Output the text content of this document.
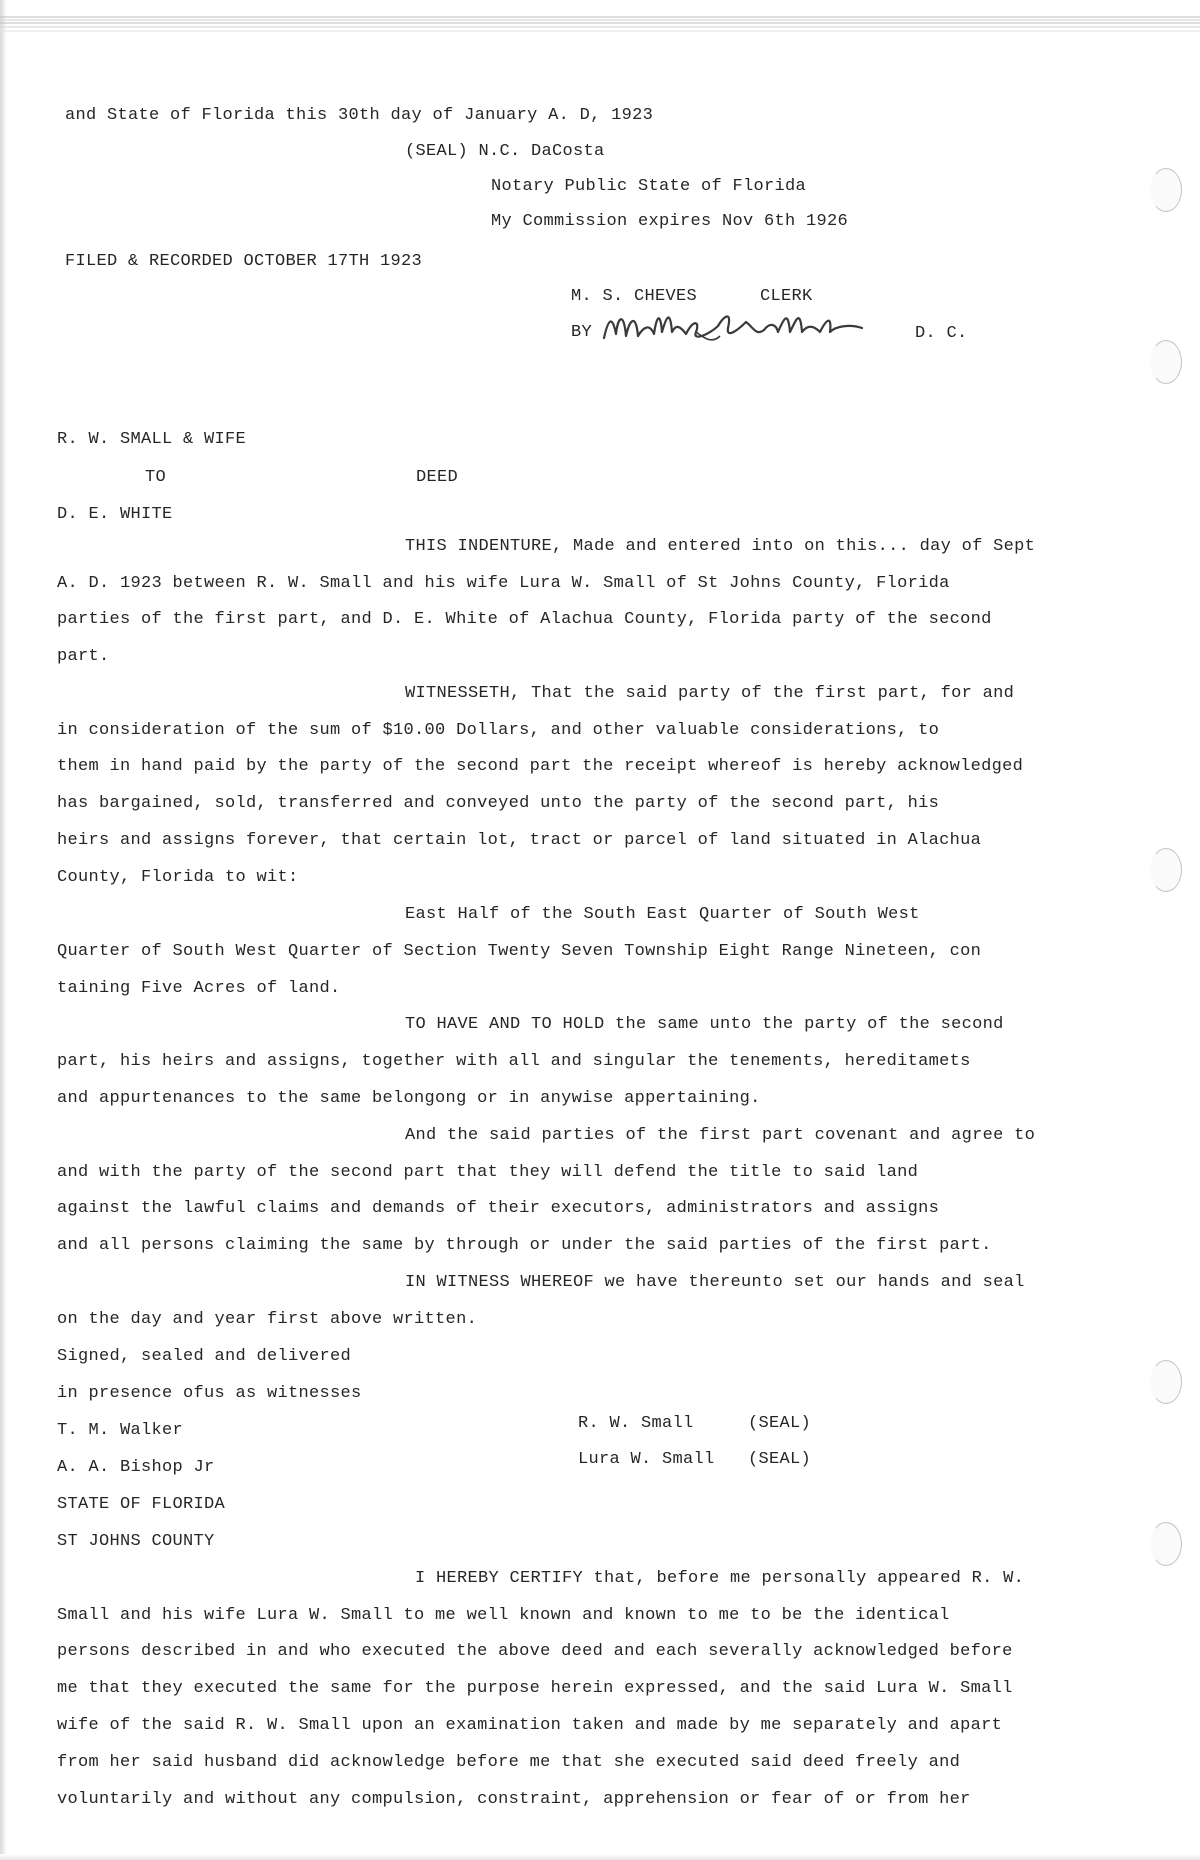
and State of Florida this 30th day of January A. D, 1923
(SEAL) N.C. DaCosta
Notary Public State of Florida
My Commission expires Nov 6th 1926
FILED & RECORDED OCTOBER 17TH 1923
M. S. CHEVES      CLERK
BY	D. C.
R. W. SMALL & WIFE
TO	DEED
D. E. WHITE
THIS INDENTURE, Made and entered into on this... day of Sept
A. D. 1923 between R. W. Small and his wife Lura W. Small of St Johns County, Florida
parties of the first part, and D. E. White of Alachua County, Florida party of the second
part.
WITNESSETH, That the said party of the first part, for and
in consideration of the sum of $10.00 Dollars, and other valuable considerations, to
them in hand paid by the party of the second part the receipt whereof is hereby acknowledged
has bargained, sold, transferred and conveyed unto the party of the second part, his
heirs and assigns forever, that certain lot, tract or parcel of land situated in Alachua
County, Florida to wit:
East Half of the South East Quarter of South West
Quarter of South West Quarter of Section Twenty Seven Township Eight Range Nineteen, con
taining Five Acres of land.
TO HAVE AND TO HOLD the same unto the party of the second
part, his heirs and assigns, together with all and singular the tenements, hereditamets
and appurtenances to the same belongong or in anywise appertaining.
And the said parties of the first part covenant and agree to
and with the party of the second part that they will defend the title to said land
against the lawful claims and demands of their executors, administrators and assigns
and all persons claiming the same by through or under the said parties of the first part.
IN WITNESS WHEREOF we have thereunto set our hands and seal
on the day and year first above written.
Signed, sealed and delivered
in presence ofus as witnesses
T. M. Walker
A. A. Bishop Jr
R. W. Small	(SEAL)
Lura W. Small (SEAL)
STATE OF FLORIDA
ST JOHNS COUNTY
I HEREBY CERTIFY that, before me personally appeared R. W.
Small and his wife Lura W. Small to me well known and known to me to be the identical
persons described in and who executed the above deed and each severally acknowledged before
me that they executed the same for the purpose herein expressed, and the said Lura W. Small
wife of the said R. W. Small upon an examination taken and made by me separately and apart
from her said husband did acknowledge before me that she executed said deed freely and
voluntarily and without any compulsion, constraint, apprehension or fear of or from her
